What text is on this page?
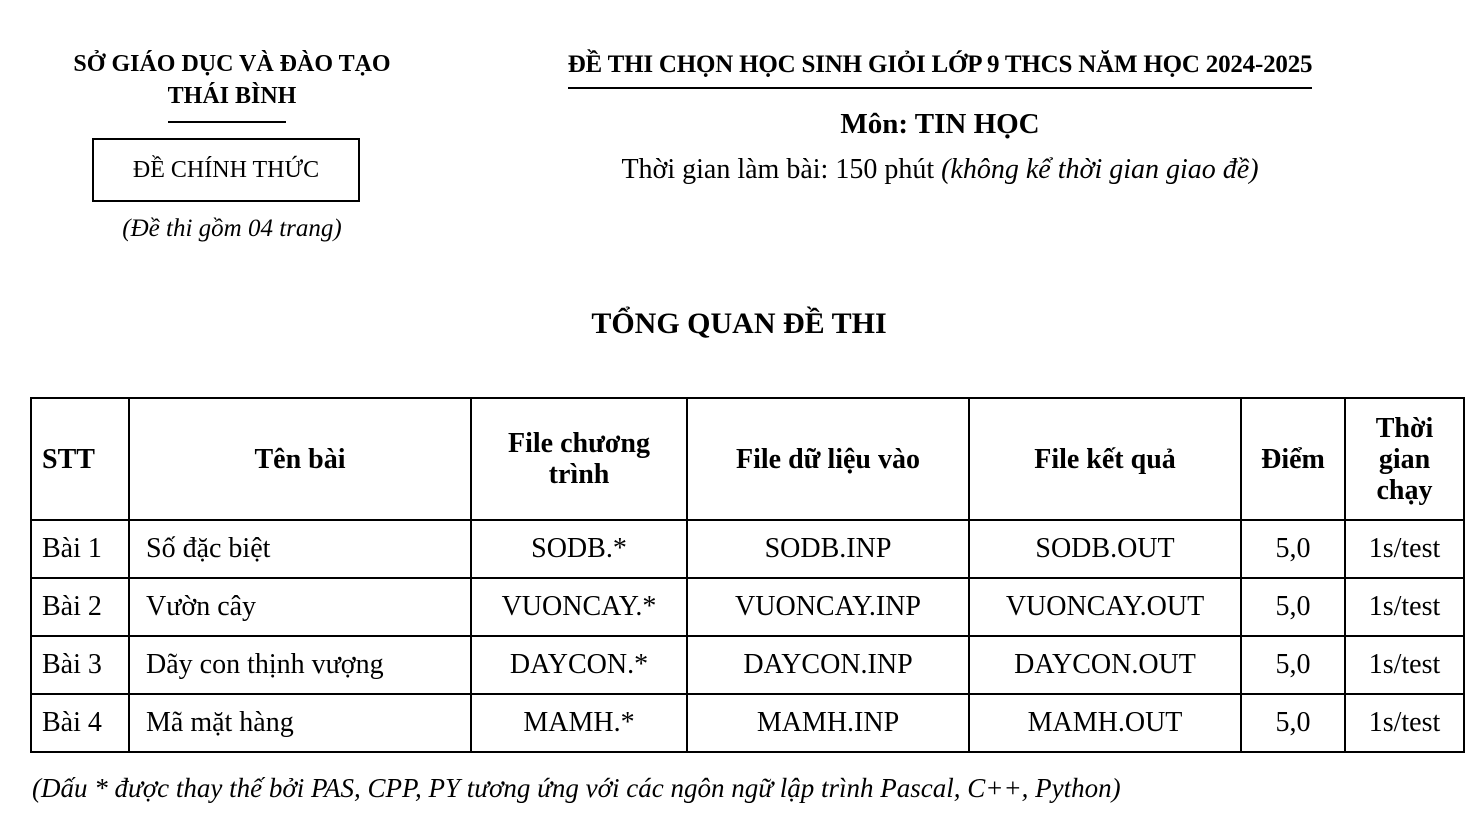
SỞ GIÁO DỤC VÀ ĐÀO TẠO
THÁI BÌNH
ĐỀ CHÍNH THỨC
(Đề thi gồm 04 trang)
ĐỀ THI CHỌN HỌC SINH GIỎI LỚP 9 THCS NĂM HỌC 2024-2025
Môn: TIN HỌC
Thời gian làm bài: 150 phút (không kể thời gian giao đề)
TỔNG QUAN ĐỀ THI
STT	Tên bài	File chương trình	File dữ liệu vào	File kết quả	Điểm	Thời gian chạy
Bài 1	Số đặc biệt	SODB.*	SODB.INP	SODB.OUT	5,0	1s/test
Bài 2	Vườn cây	VUONCAY.*	VUONCAY.INP	VUONCAY.OUT	5,0	1s/test
Bài 3	Dãy con thịnh vượng	DAYCON.*	DAYCON.INP	DAYCON.OUT	5,0	1s/test
Bài 4	Mã mặt hàng	MAMH.*	MAMH.INP	MAMH.OUT	5,0	1s/test
(Dấu * được thay thế bởi PAS, CPP, PY tương ứng với các ngôn ngữ lập trình Pascal, C++, Python)
